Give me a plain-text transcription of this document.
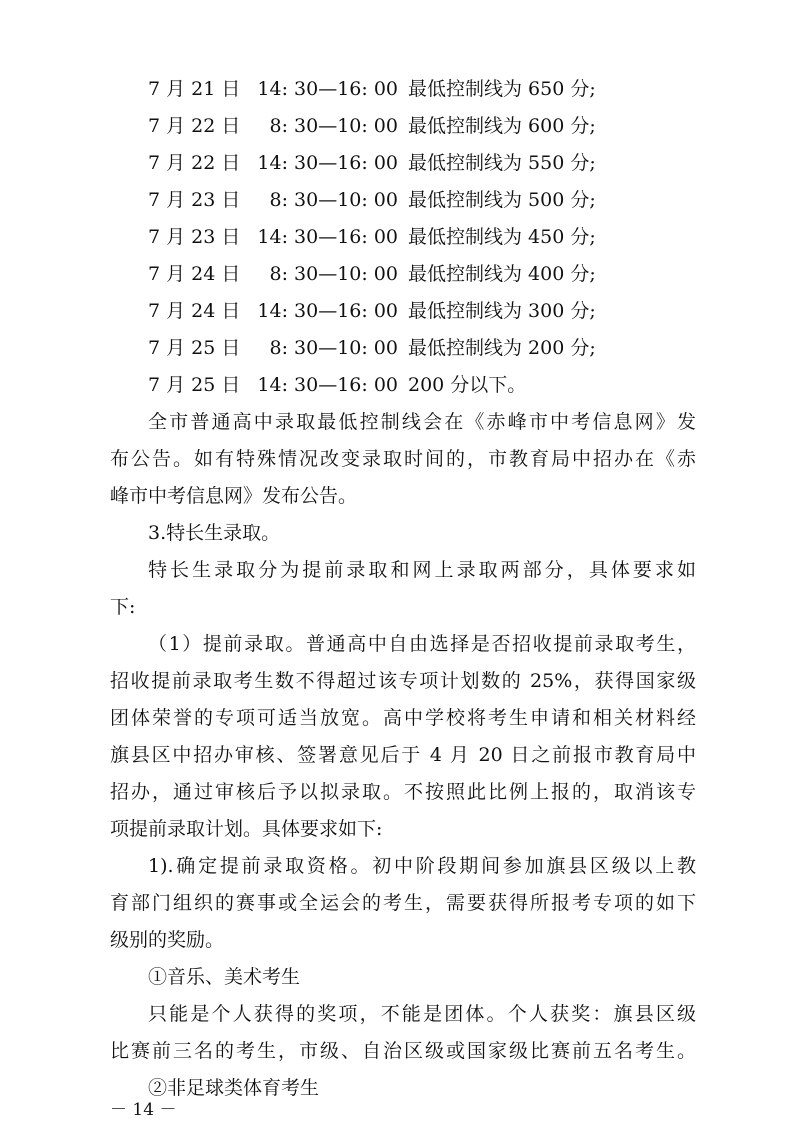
7 月 21 日 14: 30—16: 00 最低控制线为 650 分;
7 月 22 日 8: 30—10: 00 最低控制线为 600 分;
7 月 22 日 14: 30—16: 00 最低控制线为 550 分;
7 月 23 日 8: 30—10: 00 最低控制线为 500 分;
7 月 23 日 14: 30—16: 00 最低控制线为 450 分;
7 月 24 日 8: 30—10: 00 最低控制线为 400 分;
7 月 24 日 14: 30—16: 00 最低控制线为 300 分;
7 月 25 日 8: 30—10: 00 最低控制线为 200 分;
7 月 25 日 14: 30—16: 00 200 分以下。
全市普通高中录取最低控制线会在《赤峰市中考信息网》发
布公告。如有特殊情况改变录取时间的，市教育局中招办在《赤
峰市中考信息网》发布公告。
3.特长生录取。
特长生录取分为提前录取和网上录取两部分，具体要求如
下:
（1）提前录取。普通高中自由选择是否招收提前录取考生，
招收提前录取考生数不得超过该专项计划数的 25%，获得国家级
团体荣誉的专项可适当放宽。高中学校将考生申请和相关材料经
旗县区中招办审核、签署意见后于 4 月 20 日之前报市教育局中
招办，通过审核后予以拟录取。不按照此比例上报的，取消该专
项提前录取计划。具体要求如下:
1).确定提前录取资格。初中阶段期间参加旗县区级以上教
育部门组织的赛事或全运会的考生，需要获得所报考专项的如下
级别的奖励。
①音乐、美术考生
只能是个人获得的奖项，不能是团体。个人获奖：旗县区级
比赛前三名的考生，市级、自治区级或国家级比赛前五名考生。
②非足球类体育考生
－ 14 －
